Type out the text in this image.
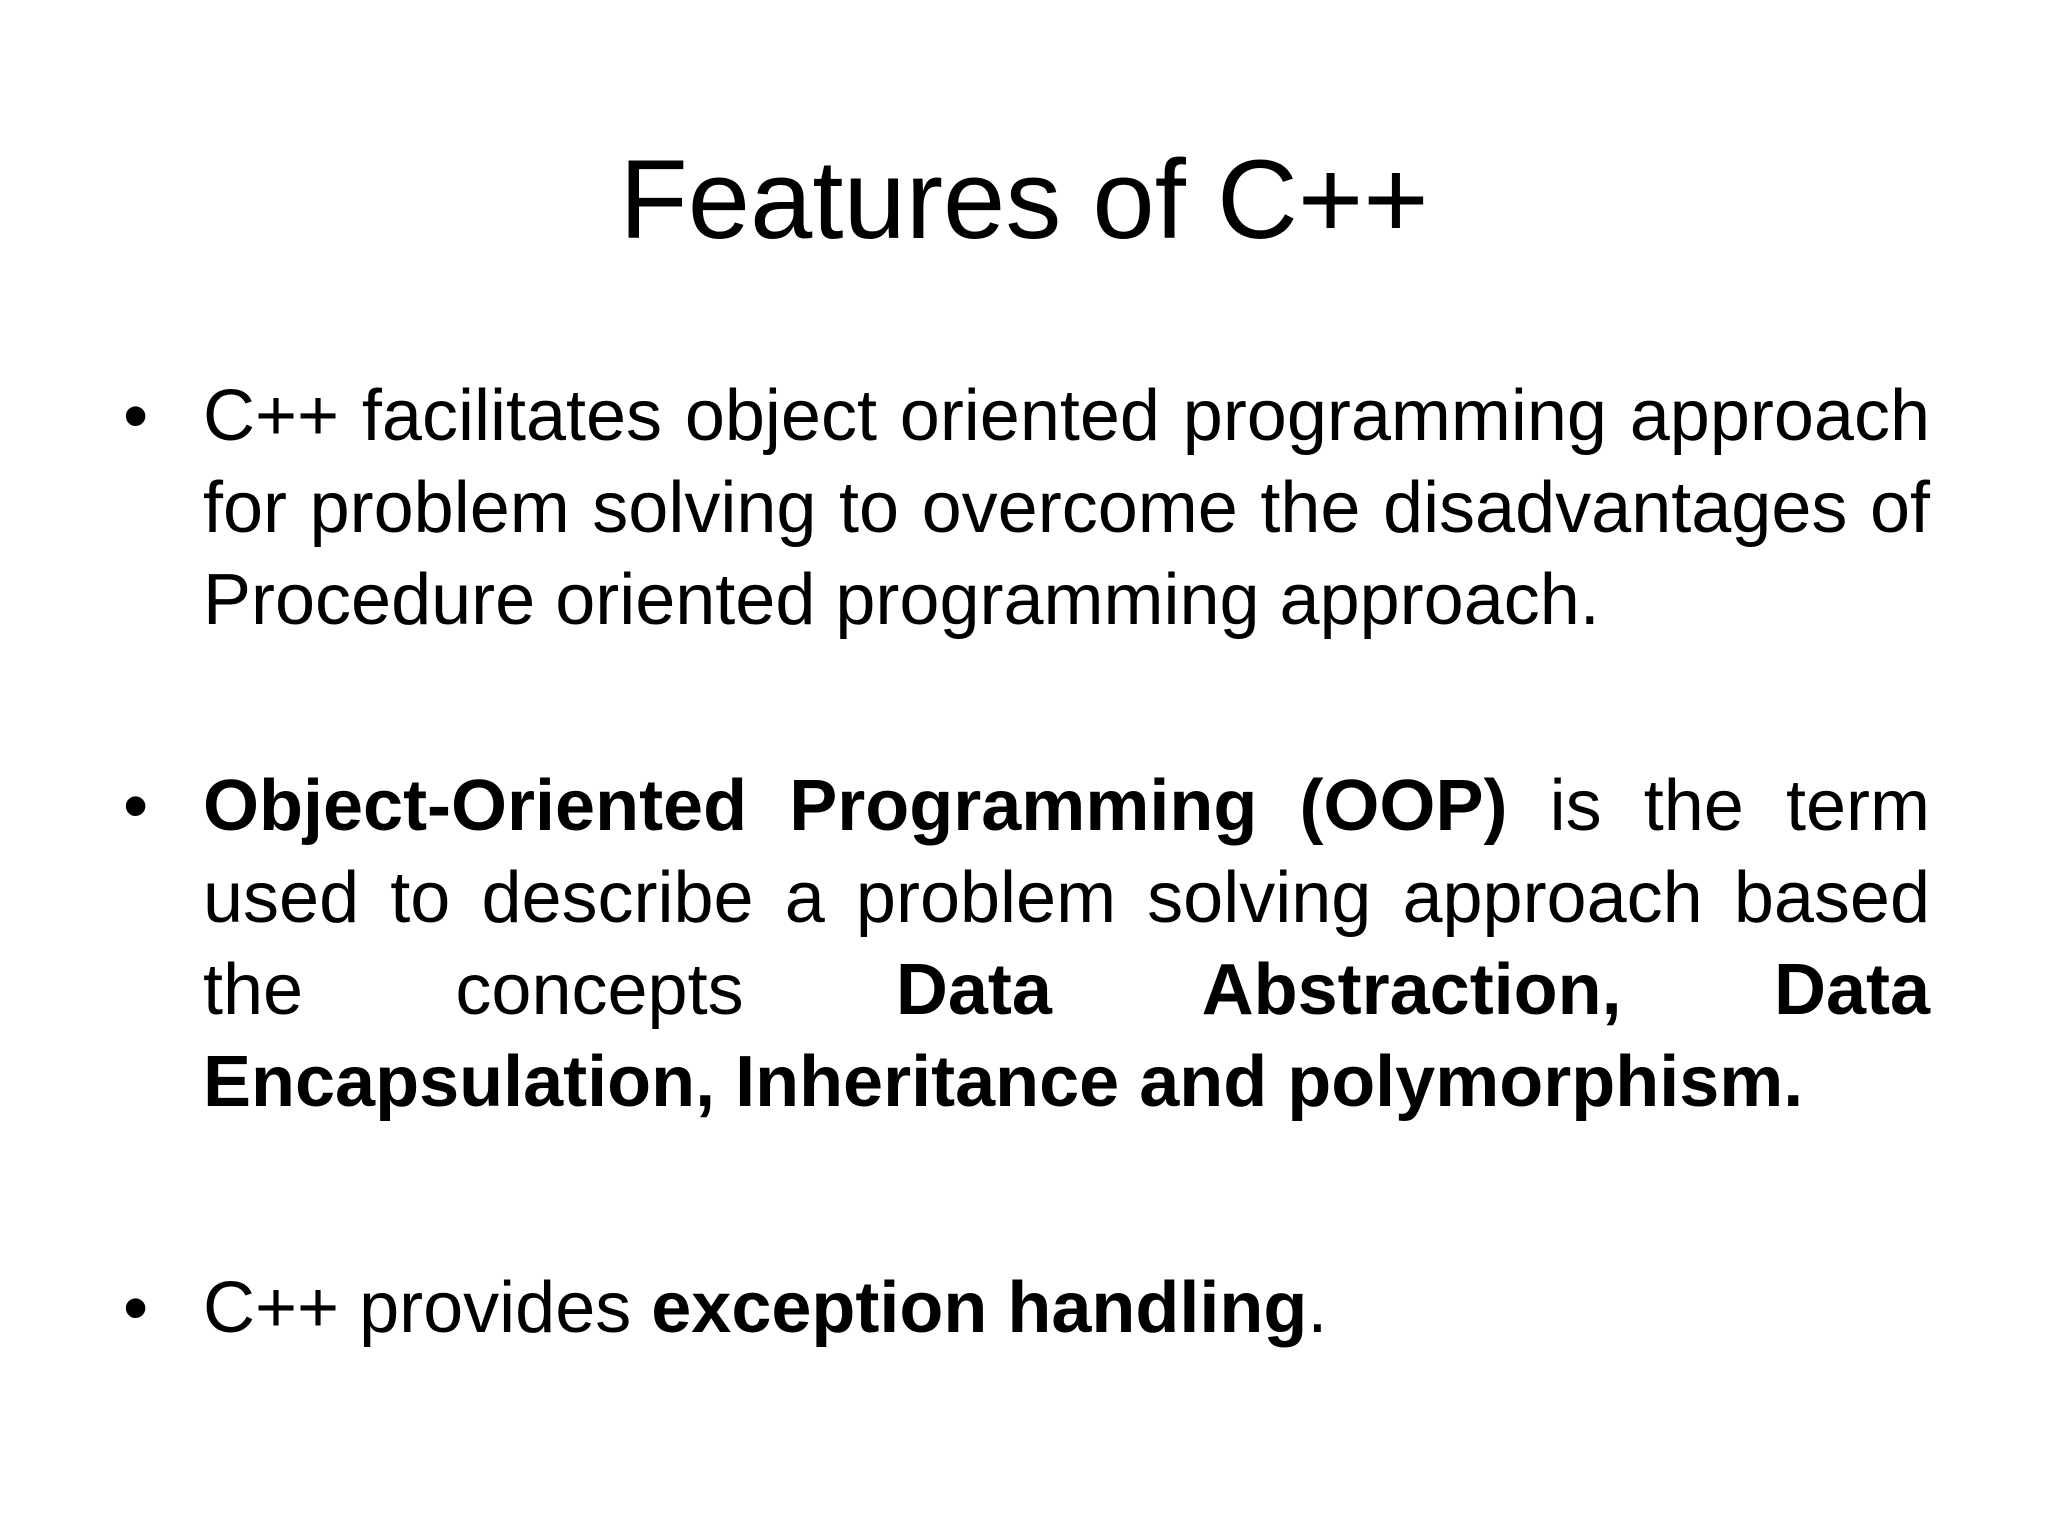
Features of C++
• C++ facilitates object oriented programming approach for problem solving to overcome the disadvantages of Procedure oriented programming approach.
• Object-Oriented Programming (OOP) is the term used to describe a problem solving approach based the concepts Data Abstraction, Data Encapsulation, Inheritance and polymorphism.
• C++ provides exception handling.
